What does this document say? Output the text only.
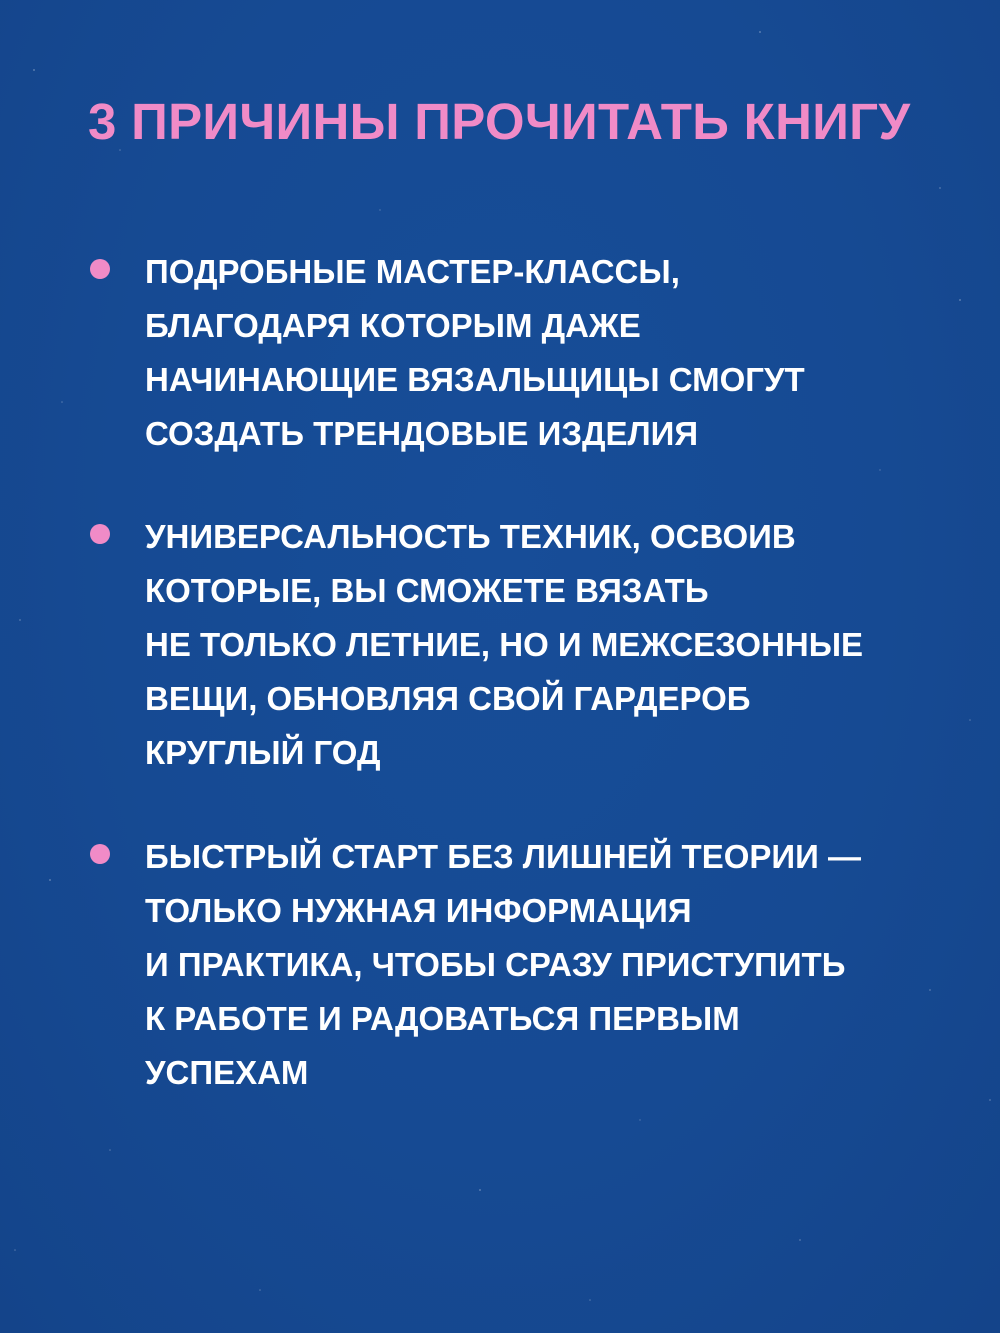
3 ПРИЧИНЫ ПРОЧИТАТЬ КНИГУ

ПОДРОБНЫЕ МАСТЕР-КЛАССЫ,
БЛАГОДАРЯ КОТОРЫМ ДАЖЕ
НАЧИНАЮЩИЕ ВЯЗАЛЬЩИЦЫ СМОГУТ
СОЗДАТЬ ТРЕНДОВЫЕ ИЗДЕЛИЯ

УНИВЕРСАЛЬНОСТЬ ТЕХНИК, ОСВОИВ
КОТОРЫЕ, ВЫ СМОЖЕТЕ ВЯЗАТЬ
НЕ ТОЛЬКО ЛЕТНИЕ, НО И МЕЖСЕЗОННЫЕ
ВЕЩИ, ОБНОВЛЯЯ СВОЙ ГАРДЕРОБ
КРУГЛЫЙ ГОД

БЫСТРЫЙ СТАРТ БЕЗ ЛИШНЕЙ ТЕОРИИ —
ТОЛЬКО НУЖНАЯ ИНФОРМАЦИЯ
И ПРАКТИКА, ЧТОБЫ СРАЗУ ПРИСТУПИТЬ
К РАБОТЕ И РАДОВАТЬСЯ ПЕРВЫМ
УСПЕХАМ
